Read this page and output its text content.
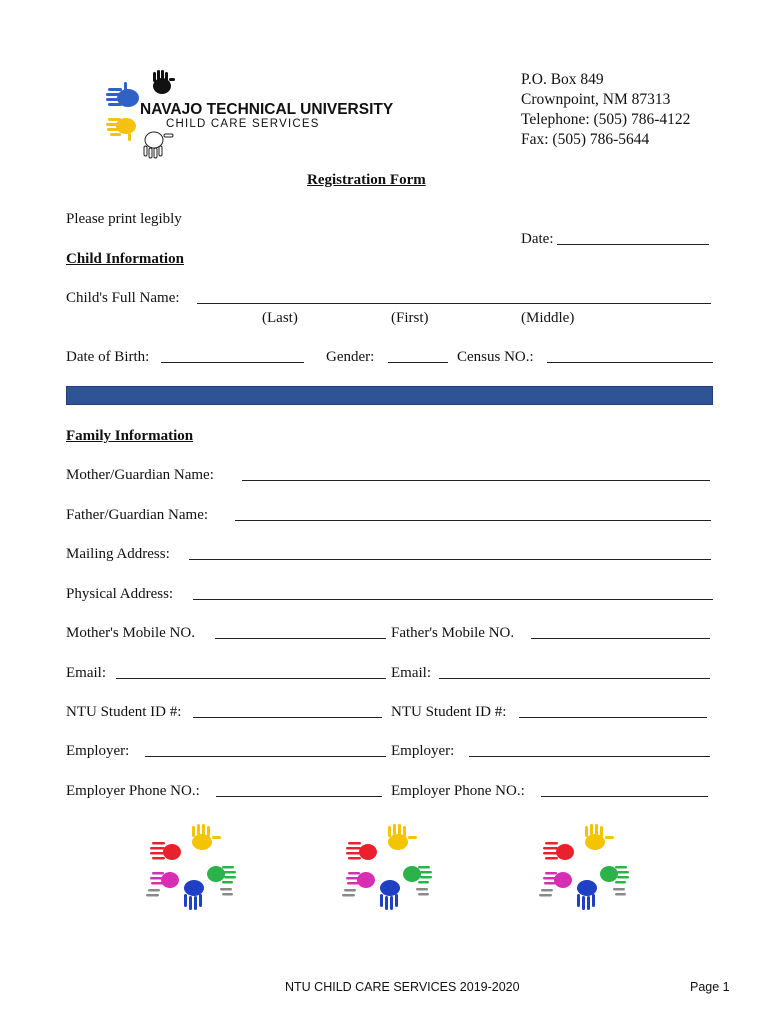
NAVAJO TECHNICAL UNIVERSITY
CHILD CARE SERVICES
P.O. Box 849
Crownpoint, NM 87313
Telephone: (505) 786-4122
Fax: (505) 786-5644
Registration Form
Please print legibly
Date:
Child Information
Child's Full Name:
(Last)	(First)	(Middle)
Date of Birth:	Gender:	Census NO.:
Family Information
Mother/Guardian Name:
Father/Guardian Name:
Mailing Address:
Physical Address:
Mother's Mobile NO.	Father's Mobile NO.
Email:	Email:
NTU Student ID #:	NTU Student ID #:
Employer:	Employer:
Employer Phone NO.:	Employer Phone NO.:
NTU CHILD CARE SERVICES 2019-2020	Page 1
